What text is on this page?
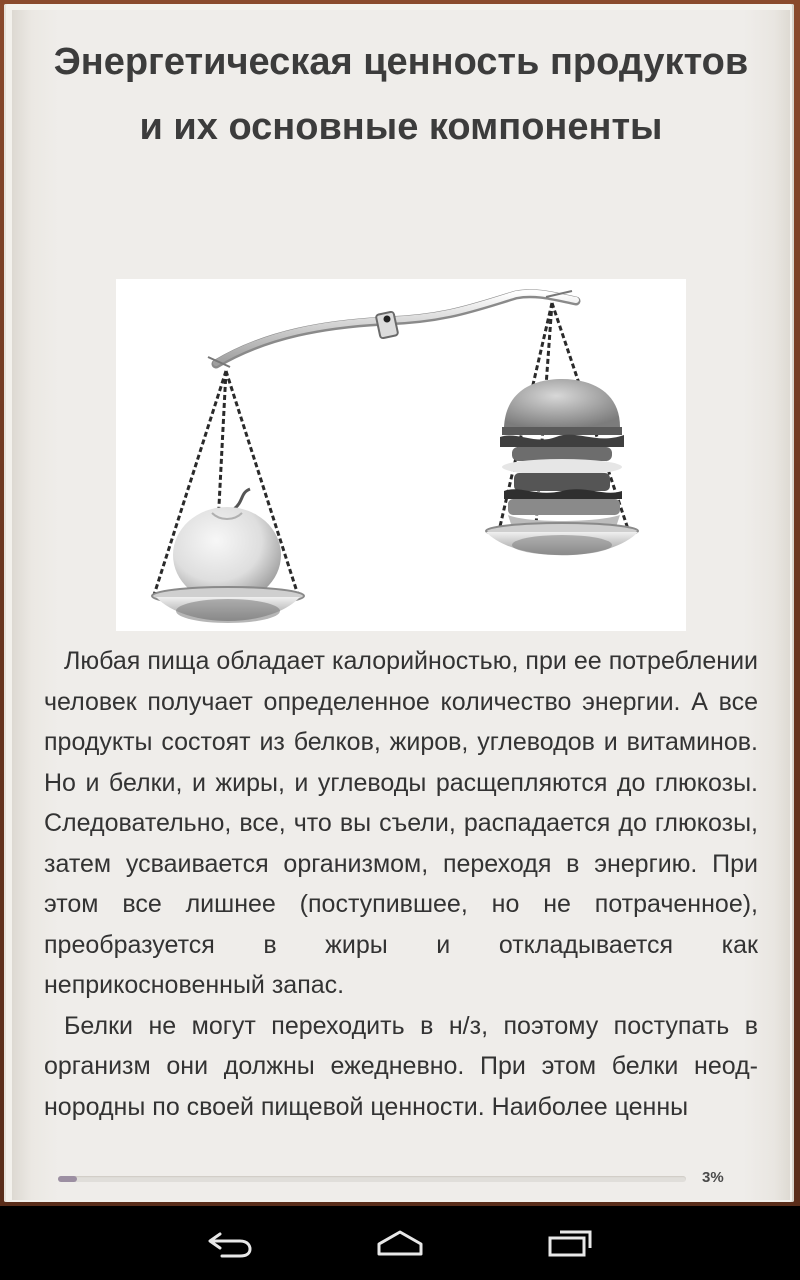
Энергетическая ценность продуктов и их основные компоненты

Любая пища обладает калорийностью, при ее потреблении человек получает определенное количество энергии. А все продукты состоят из белков, жиров, углеводов и витаминов. Но и белки, и жиры, и углеводы расщепляются до глюкозы. Следовательно, все, что вы съели, распадается до глюкозы, затем усваивается организмом, переходя в энергию. При этом все лишнее (поступившее, но не потраченное), преобразуется в жиры и откладывается как неприкосновенный запас.

Белки не могут переходить в н/з, поэтому поступать в организм они должны ежедневно. При этом белки неоднородны по своей пищевой ценности. Наиболее ценны

3%
